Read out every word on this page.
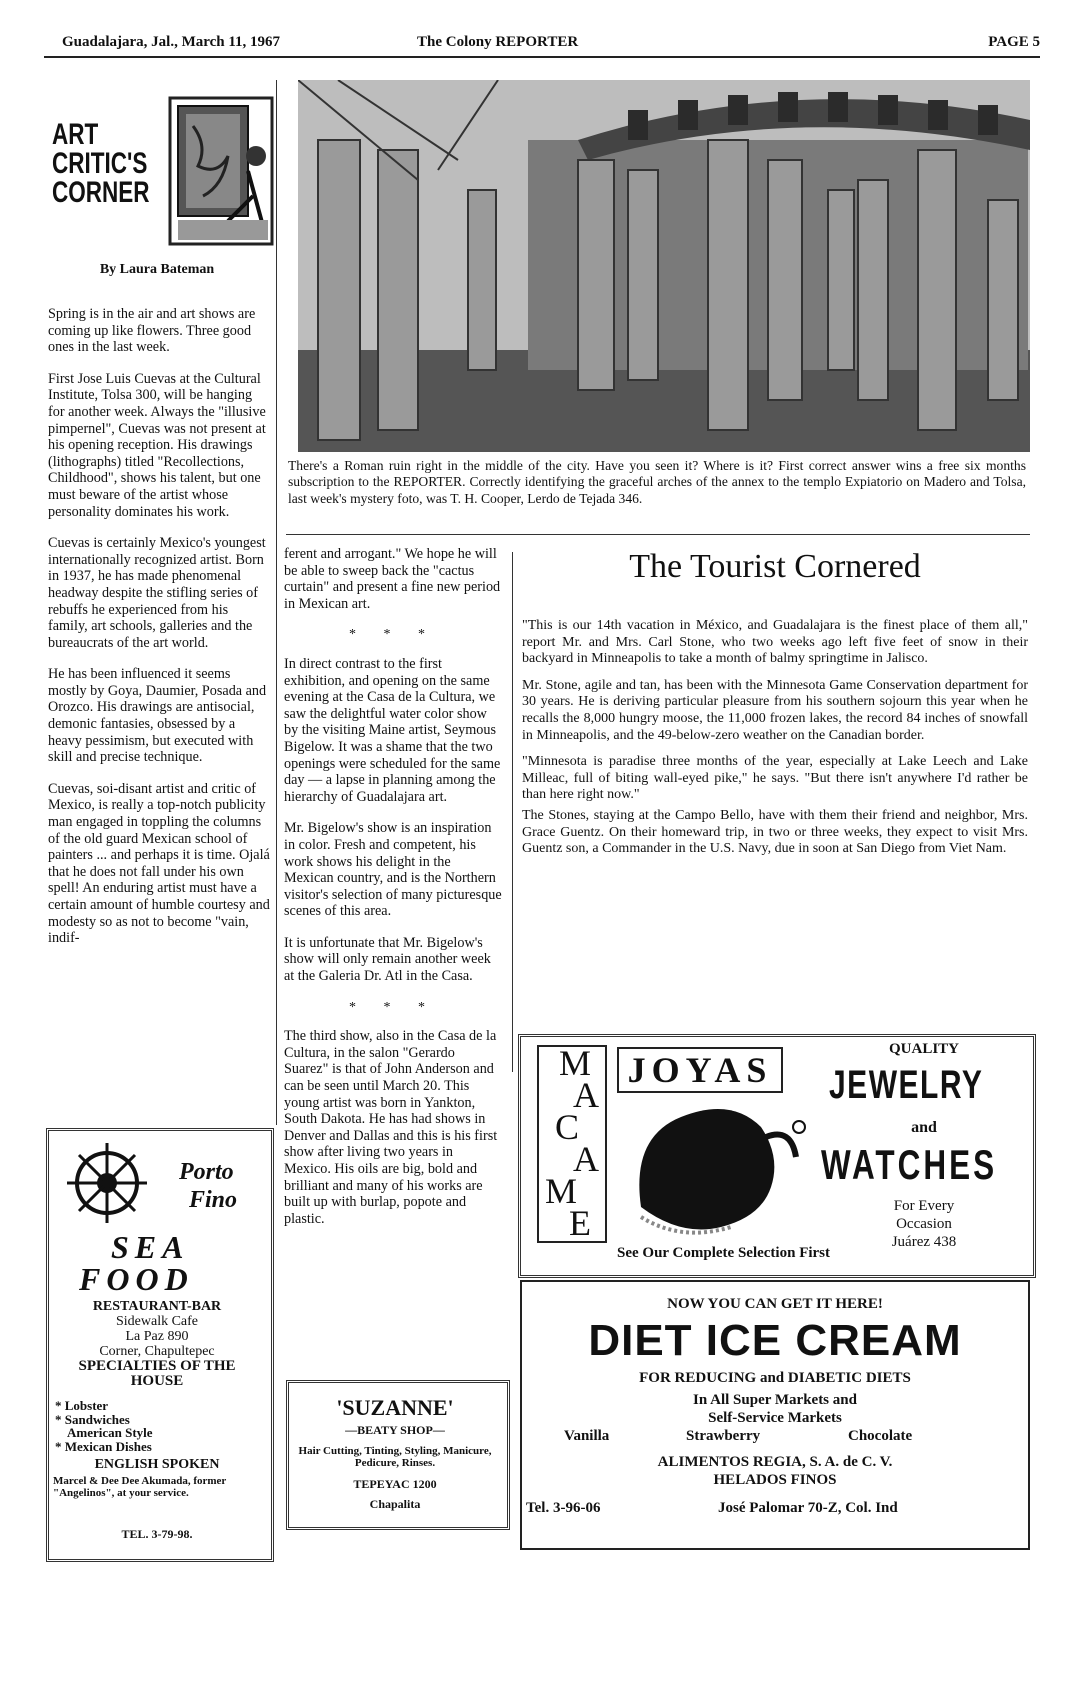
Guadalajara, Jal., March 11, 1967	The Colony REPORTER	PAGE 5
ART
CRITIC'S
CORNER
By Laura Bateman

Spring is in the air and art shows are coming up like flowers. Three good ones in the last week.

First Jose Luis Cuevas at the Cultural Institute, Tolsa 300, will be hanging for another week. Always the "illusive pimpernel", Cuevas was not present at his opening reception. His drawings (lithographs) titled "Recollections, Childhood", shows his talent, but one must beware of the artist whose personality dominates his work.

Cuevas is certainly Mexico's youngest internationally recognized artist. Born in 1937, he has made phenomenal headway despite the stifling series of rebuffs he experienced from his family, art schools, galleries and the bureaucrats of the art world.

He has been influenced it seems mostly by Goya, Daumier, Posada and Orozco. His drawings are antisocial, demonic fantasies, obsessed by a heavy pessimism, but executed with skill and precise technique.

Cuevas, soi-disant artist and critic of Mexico, is really a top-notch publicity man engaged in toppling the columns of the old guard Mexican school of painters ... and perhaps it is time. Ojalá that he does not fall under his own spell! An enduring artist must have a certain amount of humble courtesy and modesty so as not to become "vain, indif-

There's a Roman ruin right in the middle of the city. Have you seen it? Where is it? First correct answer wins a free six months subscription to the REPORTER. Correctly identifying the graceful arches of the annex to the templo Expiatorio on Madero and Tolsa, last week's mystery foto, was T. H. Cooper, Lerdo de Tejada 346.

ferent and arrogant." We hope he will be able to sweep back the "cactus curtain" and present a fine new period in Mexican art.

* * *

In direct contrast to the first exhibition, and opening on the same evening at the Casa de la Cultura, we saw the delightful water color show by the visiting Maine artist, Seymous Bigelow. It was a shame that the two openings were scheduled for the same day — a lapse in planning among the hierarchy of Guadalajara art.

Mr. Bigelow's show is an inspiration in color. Fresh and competent, his work shows his delight in the Mexican country, and is the Northern visitor's selection of many picturesque scenes of this area.

It is unfortunate that Mr. Bigelow's show will only remain another week at the Galeria Dr. Atl in the Casa.

* * *

The third show, also in the Casa de la Cultura, in the salon "Gerardo Suarez" is that of John Anderson and can be seen until March 20. This young artist was born in Yankton, South Dakota. He has had shows in Denver and Dallas and this is his first show after living two years in Mexico. His oils are big, bold and brilliant and many of his works are built up with burlap, popote and plastic.

The Tourist Cornered

"This is our 14th vacation in México, and Guadalajara is the finest place of them all," report Mr. and Mrs. Carl Stone, who two weeks ago left five feet of snow in their backyard in Minneapolis to take a month of balmy springtime in Jalisco.

Mr. Stone, agile and tan, has been with the Minnesota Game Conservation department for 30 years. He is deriving particular pleasure from his southern sojourn this year when he recalls the 8,000 hungry moose, the 11,000 frozen lakes, the record 84 inches of snowfall in Minneapolis, and the 49-below-zero weather on the Canadian border.

"Minnesota is paradise three months of the year, especially at Lake Leech and Lake Milleac, full of biting wall-eyed pike," he says. "But there isn't anywhere I'd rather be than here right now."

The Stones, staying at the Campo Bello, have with them their friend and neighbor, Mrs. Grace Guentz. On their homeward trip, in two or three weeks, they expect to visit Mrs. Guentz son, a Commander in the U.S. Navy, due in soon at San Diego from Viet Nam.

Porto
Fino
SEA
FOOD
RESTAURANT-BAR
Sidewalk Cafe
La Paz 890
Corner, Chapultepec
SPECIALTIES OF THE
HOUSE
* Lobster
* Sandwiches
American Style
* Mexican Dishes
ENGLISH SPOKEN
Marcel & Dee Dee Akumada, former "Angelinos", at your service.
TEL. 3-79-98.
'SUZANNE'
—BEATY SHOP—
Hair Cutting, Tinting, Styling, Manicure, Pedicure, Rinses.
TEPEYAC 1200
Chapalita
JOYAS
M
A
C
A
M
E
QUALITY
JEWELRY
and
WATCHES
For Every
Occasion
Juárez 438
See Our Complete Selection First
NOW YOU CAN GET IT HERE!
DIET ICE CREAM
FOR REDUCING and DIABETIC DIETS
In All Super Markets and
Self-Service Markets
Vanilla	Strawberry	Chocolate
ALIMENTOS REGIA, S. A. de C. V.
HELADOS FINOS
Tel. 3-96-06	José Palomar 70-Z, Col. Ind
